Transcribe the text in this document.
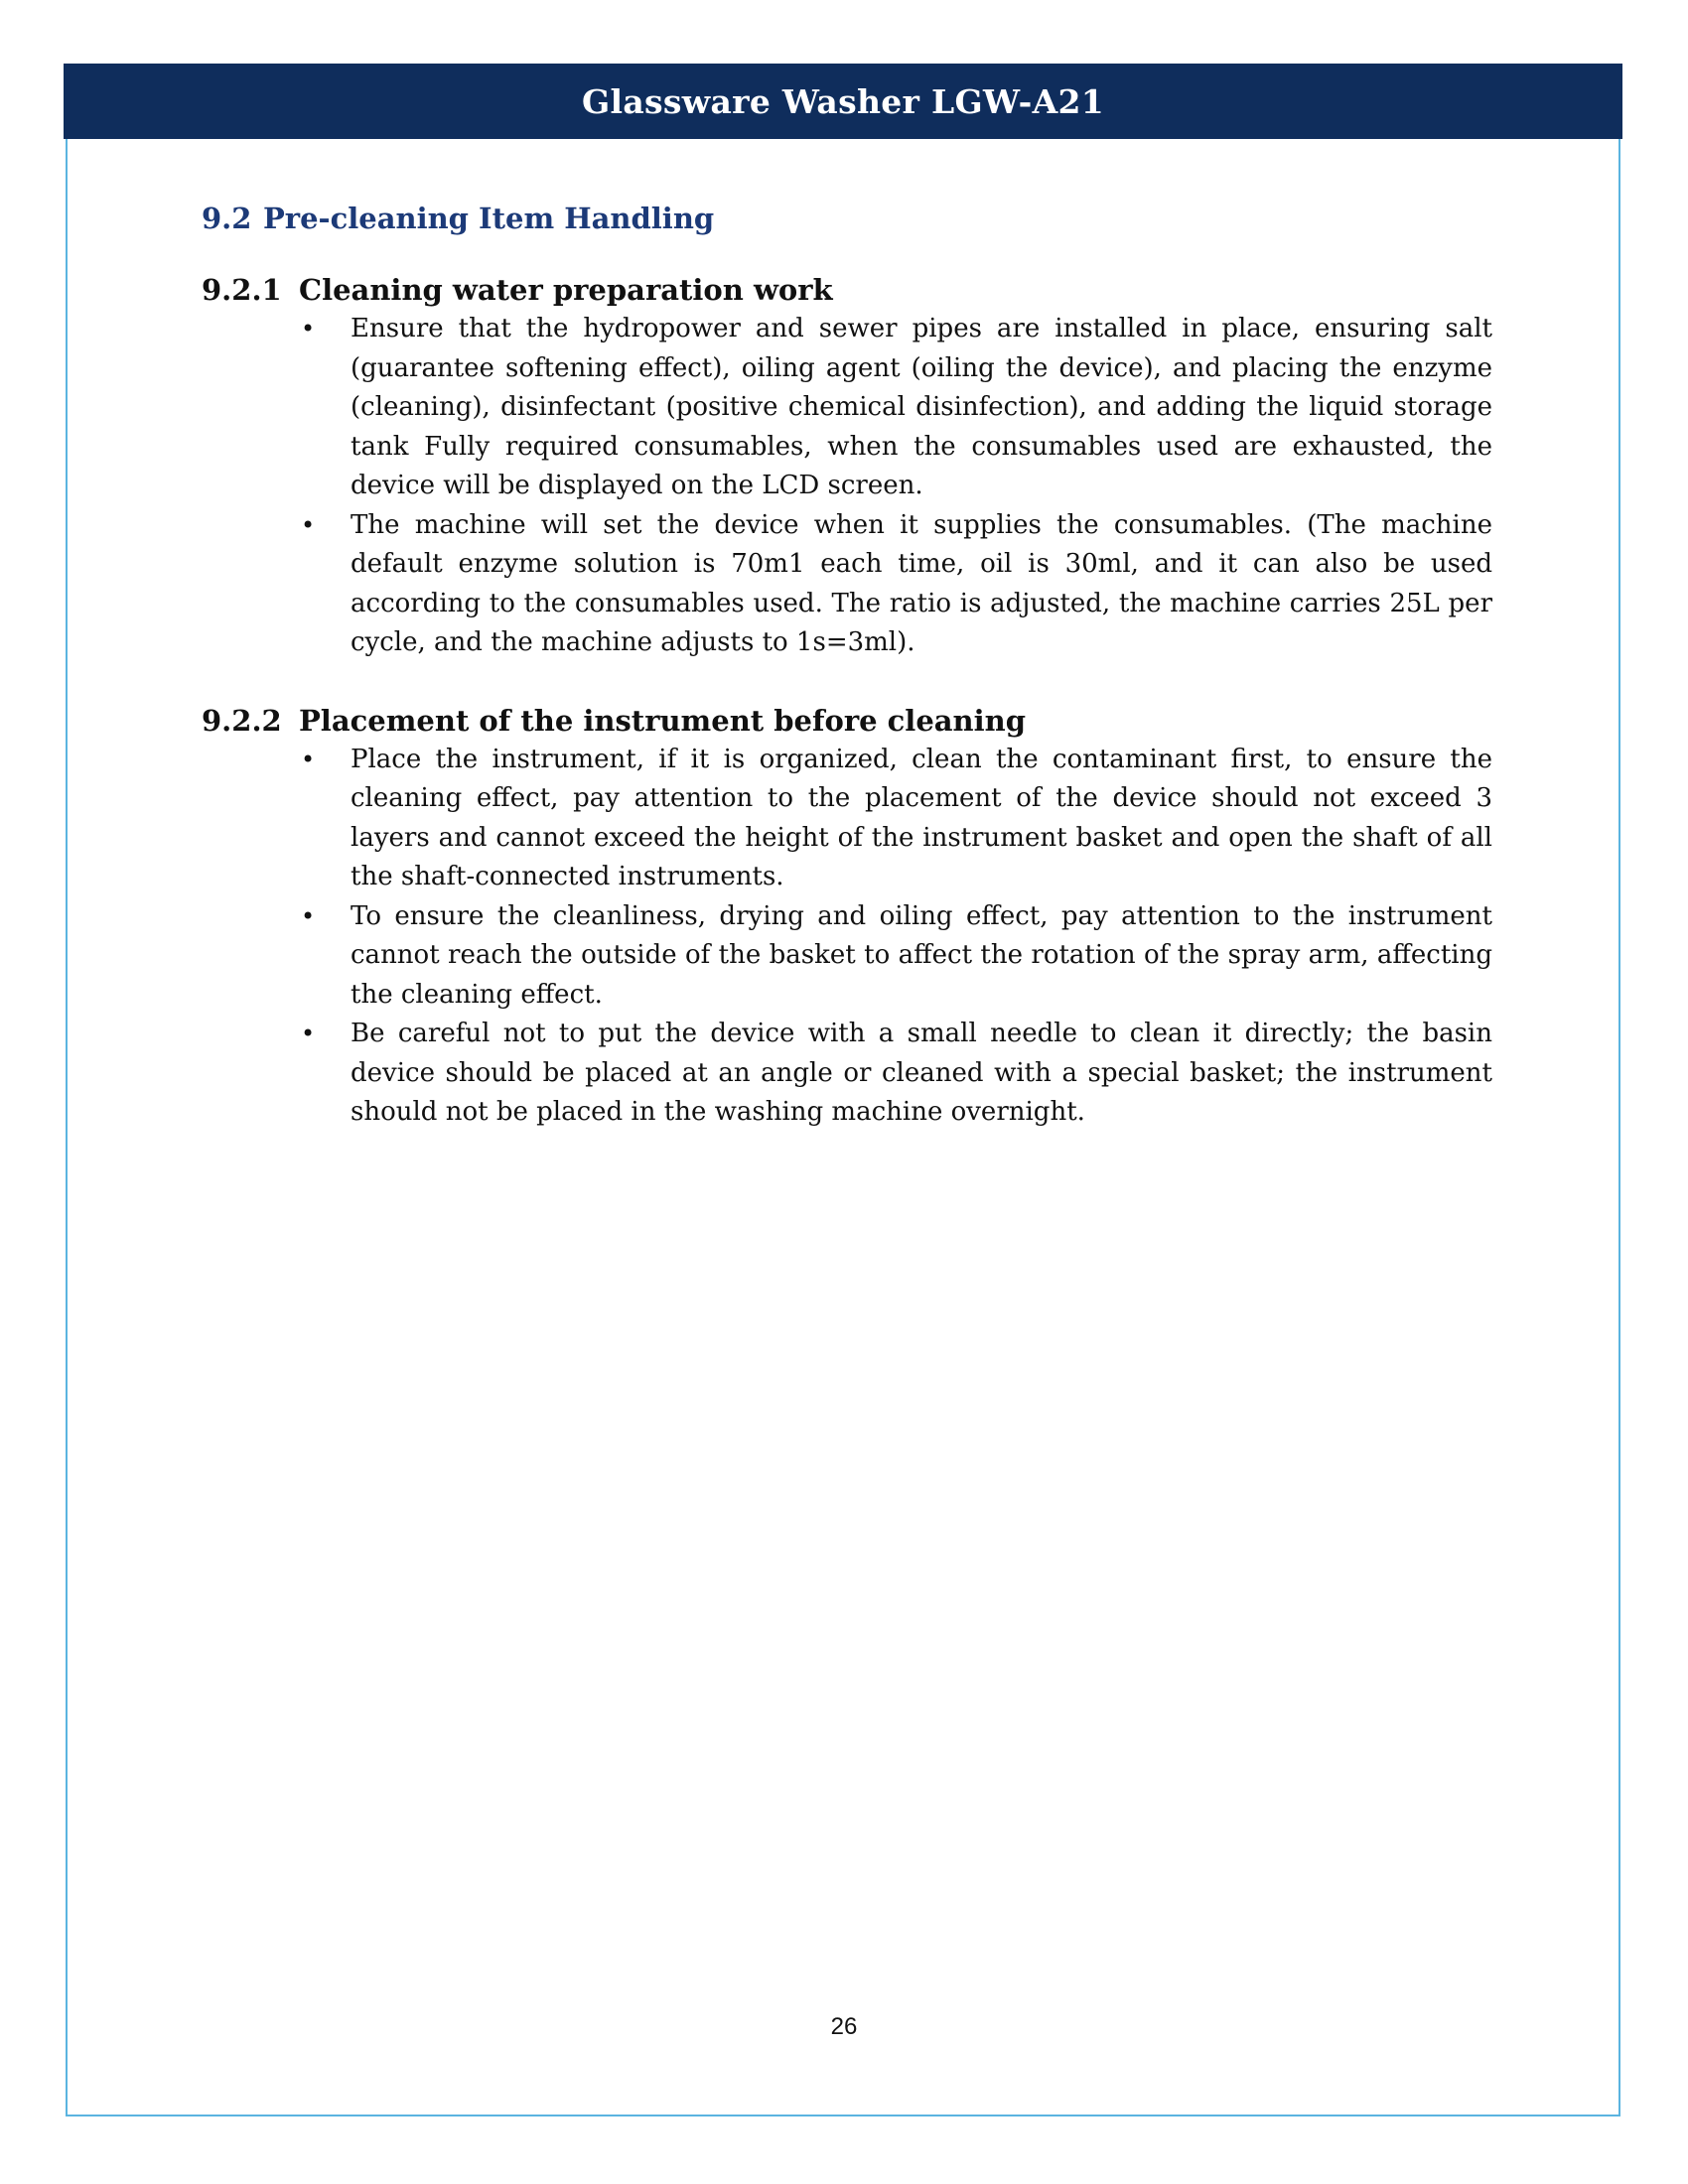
Glassware Washer LGW-A21
9.2 Pre-cleaning Item Handling
9.2.1 Cleaning water preparation work
• Ensure that the hydropower and sewer pipes are installed in place, ensuring salt (guarantee softening effect), oiling agent (oiling the device), and placing the enzyme (cleaning), disinfectant (positive chemical disinfection), and adding the liquid storage tank Fully required consumables, when the consumables used are exhausted, the device will be displayed on the LCD screen.
• The machine will set the device when it supplies the consumables. (The machine default enzyme solution is 70m1 each time, oil is 30ml, and it can also be used according to the consumables used. The ratio is adjusted, the machine carries 25L per cycle, and the machine adjusts to 1s=3ml).
9.2.2 Placement of the instrument before cleaning
• Place the instrument, if it is organized, clean the contaminant first, to ensure the cleaning effect, pay attention to the placement of the device should not exceed 3 layers and cannot exceed the height of the instrument basket and open the shaft of all the shaft-connected instruments.
• To ensure the cleanliness, drying and oiling effect, pay attention to the instrument cannot reach the outside of the basket to affect the rotation of the spray arm, affecting the cleaning effect.
• Be careful not to put the device with a small needle to clean it directly; the basin device should be placed at an angle or cleaned with a special basket; the instrument should not be placed in the washing machine overnight.
26
